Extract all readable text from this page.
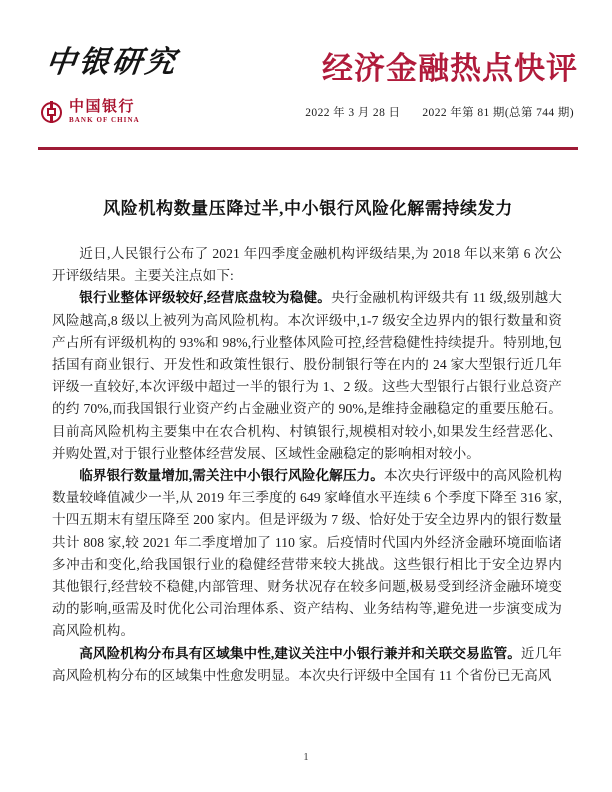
中银研究
中国银行
BANK OF CHINA
经济金融热点快评
2022 年 3 月 28 日 2022 年第 81 期(总第 744 期)
风险机构数量压降过半,中小银行风险化解需持续发力

近日,人民银行公布了 2021 年四季度金融机构评级结果,为 2018 年以来第 6 次公开评级结果。主要关注点如下:

银行业整体评级较好,经营底盘较为稳健。央行金融机构评级共有 11 级,级别越大风险越高,8 级以上被列为高风险机构。本次评级中,1-7 级安全边界内的银行数量和资产占所有评级机构的 93%和 98%,行业整体风险可控,经营稳健性持续提升。特别地,包括国有商业银行、开发性和政策性银行、股份制银行等在内的 24 家大型银行近几年评级一直较好,本次评级中超过一半的银行为 1、2 级。这些大型银行占银行业总资产的约 70%,而我国银行业资产约占金融业资产的 90%,是维持金融稳定的重要压舱石。目前高风险机构主要集中在农合机构、村镇银行,规模相对较小,如果发生经营恶化、并购处置,对于银行业整体经营发展、区域性金融稳定的影响相对较小。

临界银行数量增加,需关注中小银行风险化解压力。本次央行评级中的高风险机构数量较峰值减少一半,从 2019 年三季度的 649 家峰值水平连续 6 个季度下降至 316 家,十四五期末有望压降至 200 家内。但是评级为 7 级、恰好处于安全边界内的银行数量共计 808 家,较 2021 年二季度增加了 110 家。后疫情时代国内外经济金融环境面临诸多冲击和变化,给我国银行业的稳健经营带来较大挑战。这些银行相比于安全边界内其他银行,经营较不稳健,内部管理、财务状况存在较多问题,极易受到经济金融环境变动的影响,亟需及时优化公司治理体系、资产结构、业务结构等,避免进一步演变成为高风险机构。

高风险机构分布具有区域集中性,建议关注中小银行兼并和关联交易监管。近几年高风险机构分布的区域集中性愈发明显。本次央行评级中全国有 11 个省份已无高风

1
